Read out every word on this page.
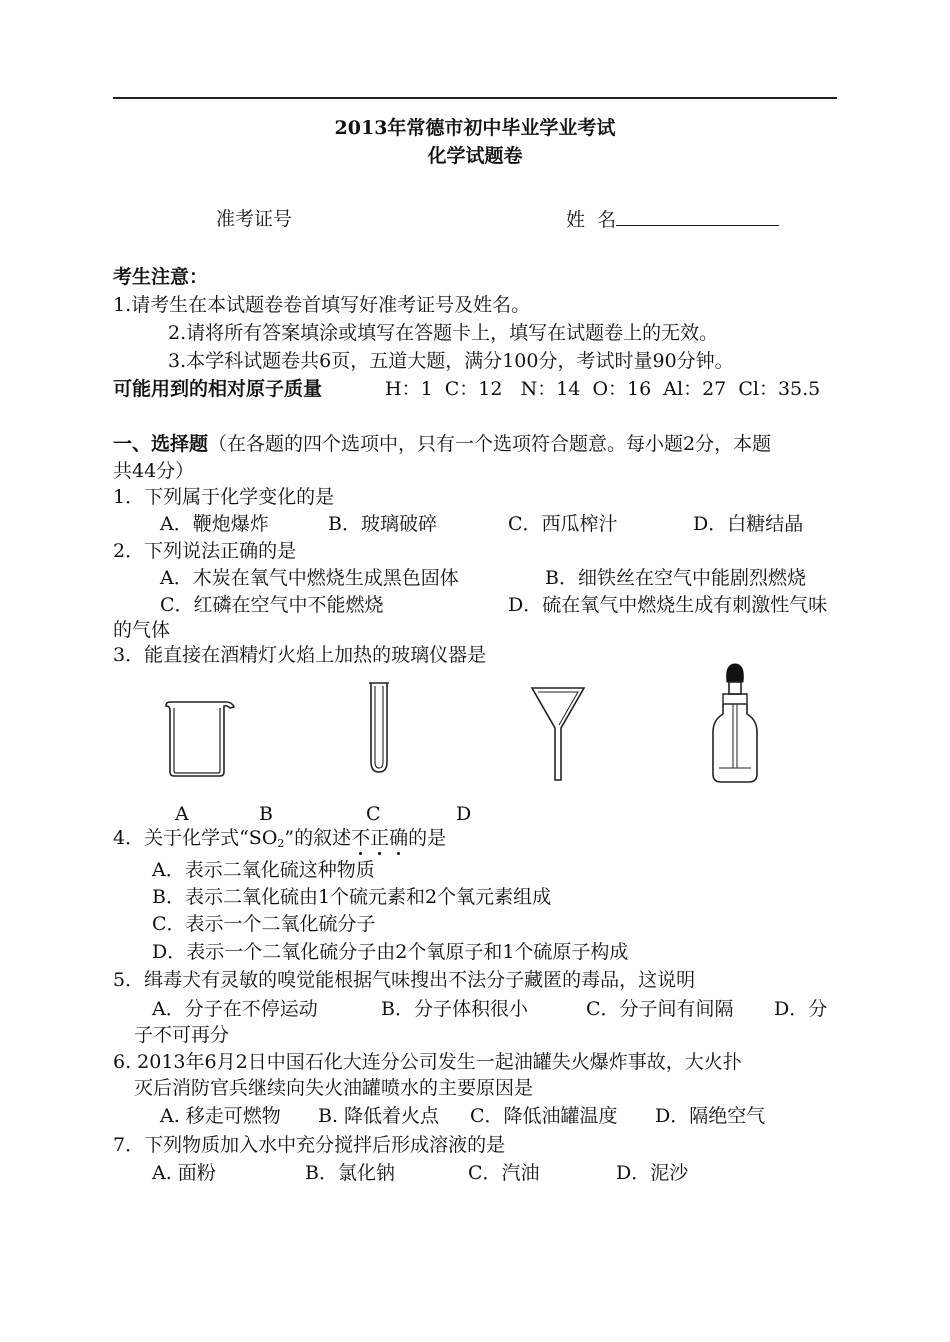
2013年常德市初中毕业学业考试
化学试题卷
准考证号	姓  名
考生注意：
1.请考生在本试题卷卷首填写好准考证号及姓名。
2.请将所有答案填涂或填写在答题卡上，填写在试题卷上的无效。
3.本学科试题卷共6页，五道大题，满分100分，考试时量90分钟。
可能用到的相对原子质量	H：1  C：12   N：14  O：16  Al：27  Cl：35.5
一、选择题（在各题的四个选项中，只有一个选项符合题意。每小题2分，本题
共44分）
1．下列属于化学变化的是
A．鞭炮爆炸	B．玻璃破碎	C．西瓜榨汁	D．白糖结晶
2．下列说法正确的是
A．木炭在氧气中燃烧生成黑色固体	B．细铁丝在空气中能剧烈燃烧
C．红磷在空气中不能燃烧	D．硫在氧气中燃烧生成有刺激性气味
的气体
3．能直接在酒精灯火焰上加热的玻璃仪器是
A	B	C	D
4．关于化学式“$SO_2$”的叙述不正确的是
A．表示二氧化硫这种物质
B．表示二氧化硫由1个硫元素和2个氧元素组成
C．表示一个二氧化硫分子
D．表示一个二氧化硫分子由2个氧原子和1个硫原子构成
5．缉毒犬有灵敏的嗅觉能根据气味搜出不法分子藏匿的毒品，这说明
A．分子在不停运动	B．分子体积很小	C．分子间有间隔 D．分
子不可再分
6. 2013年6月2日中国石化大连分公司发生一起油罐失火爆炸事故，大火扑
灭后消防官兵继续向失火油罐喷水的主要原因是
A. 移走可燃物 B. 降低着火点 C．降低油罐温度 D．隔绝空气
7．下列物质加入水中充分搅拌后形成溶液的是
A. 面粉	B．氯化钠	C．汽油	D．泥沙
